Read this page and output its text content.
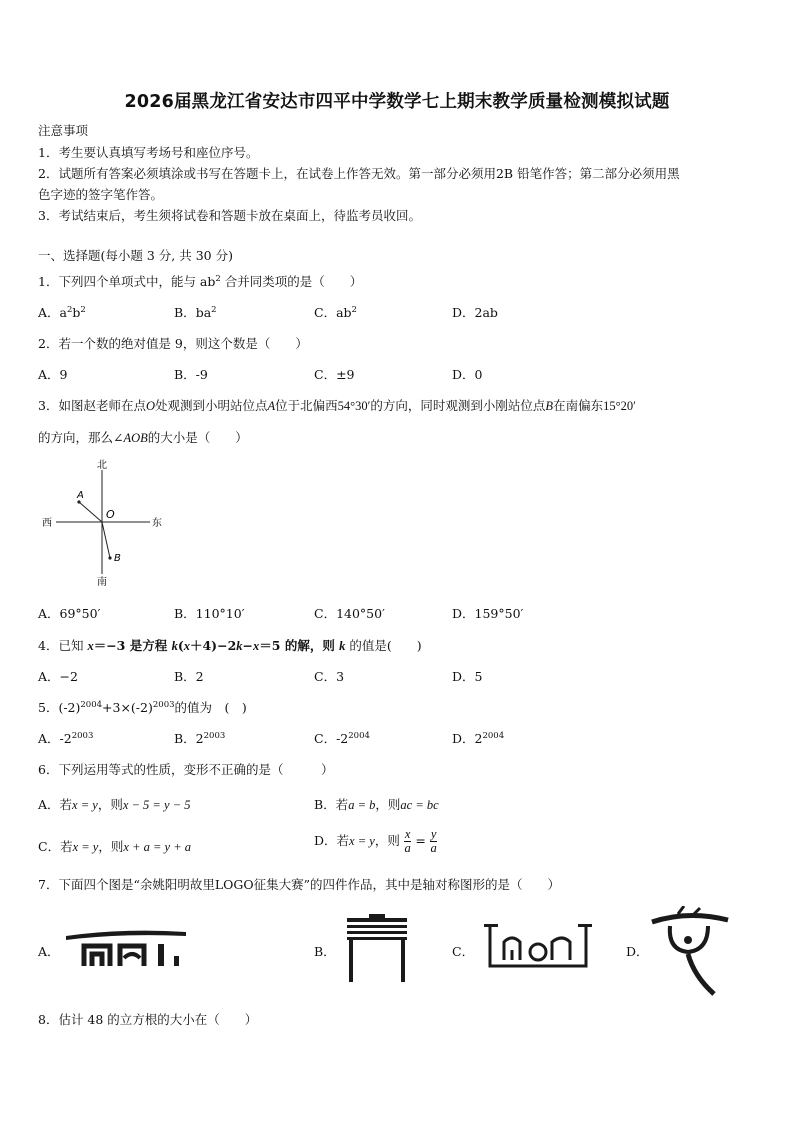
2026届黑龙江省安达市四平中学数学七上期末教学质量检测模拟试题
注意事项
1．考生要认真填写考场号和座位序号。
2．试题所有答案必须填涂或书写在答题卡上，在试卷上作答无效。第一部分必须用2B 铅笔作答；第二部分必须用黑
色字迹的签字笔作答。
3．考试结束后，考生须将试卷和答题卡放在桌面上，待监考员收回。
一、选择题(每小题 3 分, 共 30 分)
1．下列四个单项式中，能与 $ab^2$ 合并同类项的是（　　）
A．$a^2b^2$	B．$ba^2$	C．$ab^2$	D．2ab
2．若一个数的绝对值是 9，则这个数是（　　）
A．9	B．-9	C．±9	D．0
3．如图赵老师在点O处观测到小明站位点A位于北偏西54°30′的方向，同时观测到小刚站位点B在南偏东15°20′
的方向，那么∠AOB的大小是（　　）
北
南
西	东
A
B
O
A．69°50′	B．110°10′	C．140°50′	D．159°50′
4．已知 x＝−3 是方程 k(x＋4)−2k−x＝5 的解，则 k 的值是(　　)
A．−2	B．2	C．3	D．5
5．$(-2)^{2004}+3\times(-2)^{2003}$的值为　(　)
A．$-2^{2003}$	B．$2^{2003}$	C．$-2^{2004}$	D．$2^{2004}$
6．下列运用等式的性质，变形不正确的是（　　　）
A．若x = y，则x − 5 = y − 5	B．若a = b，则ac = bc
C．若x = y，则x + a = y + a	D．若x = y，则 $\frac{x}{a} = \frac{y}{a}$
7．下面四个图是“余姚阳明故里LOGO征集大赛”的四件作品，其中是轴对称图形的是（　　）
A．	B．	C．	D．
8．估计 48 的立方根的大小在（　　）
